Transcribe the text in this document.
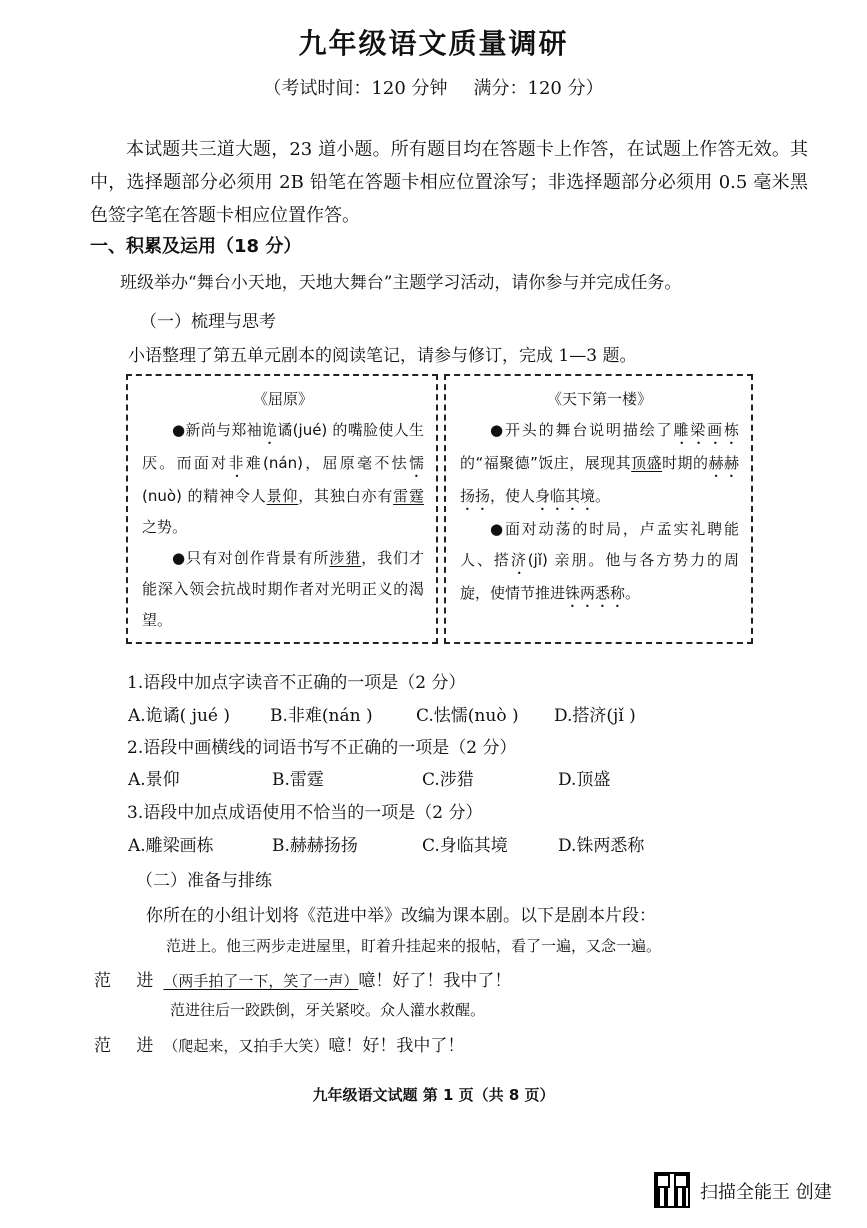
九年级语文质量调研
（考试时间：120 分钟 满分：120 分）
本试题共三道大题，23 道小题。所有题目均在答题卡上作答，在试题上作答无效。其中，选择题部分必须用 2B 铅笔在答题卡相应位置涂写；非选择题部分必须用 0.5 毫米黑色签字笔在答题卡相应位置作答。
一、积累及运用（18 分）
班级举办“舞台小天地，天地大舞台”主题学习活动，请你参与并完成任务。
（一）梳理与思考
小语整理了第五单元剧本的阅读笔记，请参与修订，完成 1—3 题。
《屈原》

●新尚与郑袖诡谲(jué) 的嘴脸使人生厌。而面对非难(nán)，屈原毫不怯懦(nuò) 的精神令人景仰，其独白亦有雷霆之势。

●只有对创作背景有所涉猎，我们才能深入领会抗战时期作者对光明正义的渴望。

《天下第一楼》

●开头的舞台说明描绘了雕梁画栋的“福聚德”饭庄，展现其顶盛时期的赫赫扬扬，使人身临其境。

●面对动荡的时局，卢孟实礼聘能人、搭济(jǐ) 亲朋。他与各方势力的周旋，使情节推进铢两悉称。

1.语段中加点字读音不正确的一项是（2 分）
A.诡谲( jué ) B.非难(nán )	C.怯懦(nuò ) D.搭济(jǐ )
2.语段中画横线的词语书写不正确的一项是（2 分）
A.景仰	B.雷霆	C.涉猎	D.顶盛
3.语段中加点成语使用不恰当的一项是（2 分）
A.雕梁画栋	B.赫赫扬扬	C.身临其境	D.铢两悉称
（二）准备与排练
你所在的小组计划将《范进中举》改编为课本剧。以下是剧本片段：
范进上。他三两步走进屋里，盯着升挂起来的报帖，看了一遍，又念一遍。
范 进（两手拍了一下，笑了一声）噫！好了！我中了！
范进往后一跤跌倒，牙关紧咬。众人灌水救醒。
范 进（爬起来，又拍手大笑）噫！好！我中了！
九年级语文试题 第 1 页（共 8 页）
扫描全能王 创建
